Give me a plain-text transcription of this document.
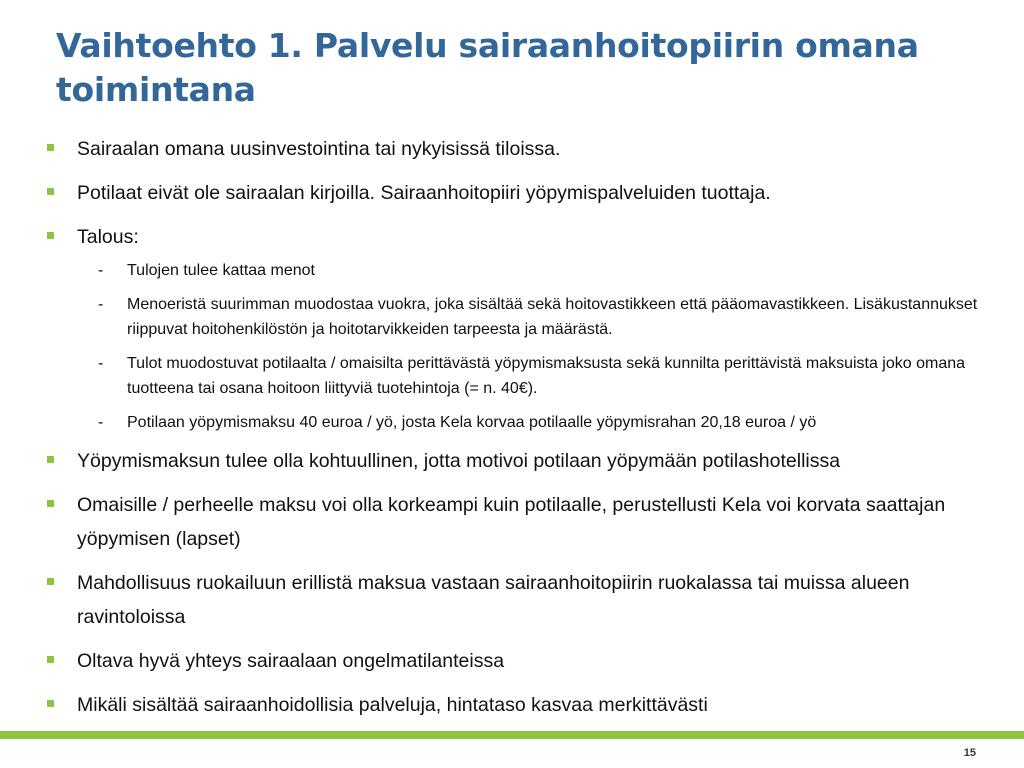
Vaihtoehto 1. Palvelu sairaanhoitopiirin omana toimintana
Sairaalan omana uusinvestointina tai nykyisissä tiloissa.
Potilaat eivät ole sairaalan kirjoilla. Sairaanhoitopiiri yöpymispalveluiden tuottaja.
Talous:
- Tulojen tulee kattaa menot
- Menoeristä suurimman muodostaa vuokra, joka sisältää sekä hoitovastikkeen että pääomavastikkeen. Lisäkustannukset riippuvat hoitohenkilöstön ja hoitotarvikkeiden tarpeesta ja määrästä.
- Tulot muodostuvat potilaalta / omaisilta perittävästä yöpymismaksusta sekä kunnilta perittävistä maksuista joko omana tuotteena tai osana hoitoon liittyviä tuotehintoja (= n. 40€).
- Potilaan yöpymismaksu 40 euroa / yö, josta Kela korvaa potilaalle yöpymisrahan 20,18 euroa / yö
Yöpymismaksun tulee olla kohtuullinen, jotta motivoi potilaan yöpymään potilashotellissa
Omaisille / perheelle maksu voi olla korkeampi kuin potilaalle, perustellusti Kela voi korvata saattajan yöpymisen (lapset)
Mahdollisuus ruokailuun erillistä maksua vastaan sairaanhoitopiirin ruokalassa tai muissa alueen ravintoloissa
Oltava hyvä yhteys sairaalaan ongelmatilanteissa
Mikäli sisältää sairaanhoidollisia palveluja, hintataso kasvaa merkittävästi
15
